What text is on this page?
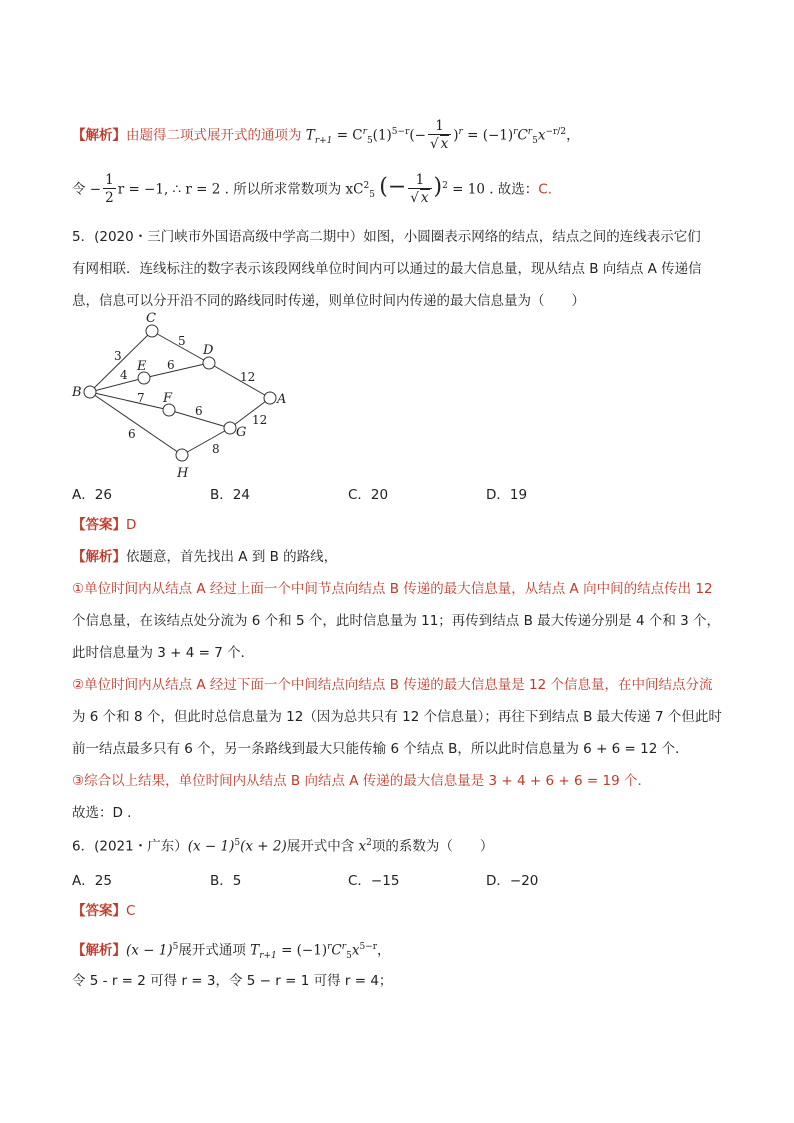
【解析】由题得二项式展开式的通项为 $T_{r+1} = C^r_5(1)^{5-r}(- \frac{1}{√ x} )^r = (-1)^rC^r_5x^{-r/2}$，
令 − $\frac{1}{2}$ r = −1, ∴ r = 2 . 所以所求常数项为 $xC^2_5$ (− $\frac{1}{√ x} )^2 = 10$ . 故选：C.
5．(2020・三门峡市外国语高级中学高二期中）如图，小圆圈表示网络的结点，结点之间的连线表示它们
有网相联．连线标注的数字表示该段网线单位时间内可以通过的最大信息量，现从结点 B 向结点 A 传递信
息，信息可以分开沿不同的路线同时传递，则单位时间内传递的最大信息量为（　　）
B
C
D
E
F
G
H
A
3
5
4
6
12
7
6
12
6
8
A．26	B．24	C．20	D．19
【答案】D
【解析】依题意，首先找出 A 到 B 的路线，
①单位时间内从结点 A 经过上面一个中间节点向结点 B 传递的最大信息量，从结点 A 向中间的结点传出 12
个信息量，在该结点处分流为 6 个和 5 个，此时信息量为 11；再传到结点 B 最大传递分别是 4 个和 3 个，
此时信息量为 3 + 4 = 7 个．
②单位时间内从结点 A 经过下面一个中间结点向结点 B 传递的最大信息量是 12 个信息量，在中间结点分流
为 6 个和 8 个，但此时总信息量为 12（因为总共只有 12 个信息量）；再往下到结点 B 最大传递 7 个但此时
前一结点最多只有 6 个，另一条路线到最大只能传输 6 个结点 B，所以此时信息量为 6 + 6 = 12 个．
③综合以上结果，单位时间内从结点 B 向结点 A 传递的最大信息量是 3 + 4 + 6 + 6 = 19 个．
故选：D .
6．(2021・广东）$(x - 1)^5(x + 2)$展开式中含 $x^2$项的系数为（　　）
A．25	B．5	C．−15	D．−20
【答案】C
【解析】$(x - 1)^5$展开式通项 $T_{r+1} = (-1)^rC^r_5x^{5-r}$，
令 5 - r = 2 可得 r = 3，令 5 − r = 1 可得 r = 4；
